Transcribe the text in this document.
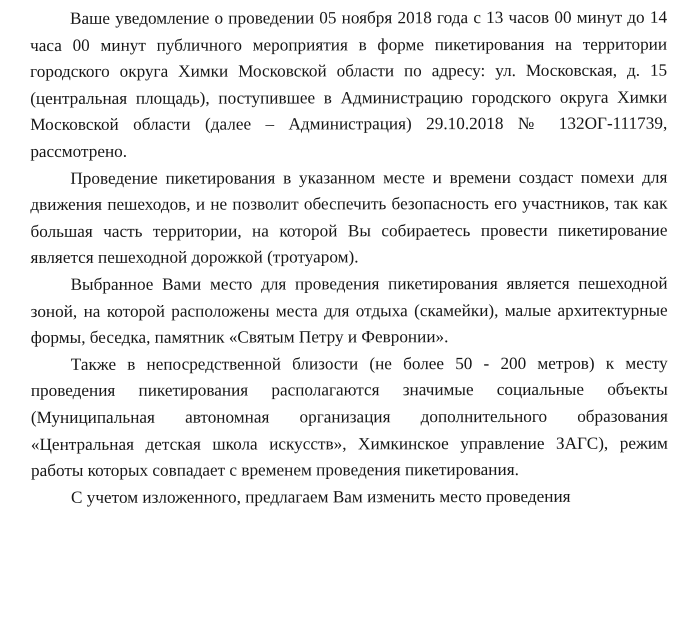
Ваше уведомление о проведении 05 ноября 2018 года с 13 часов 00 минут до 14 часа 00 минут публичного мероприятия в форме пикетирования на территории городского округа Химки Московской области по адресу: ул. Московская, д. 15 (центральная площадь), поступившее в Администрацию городского округа Химки Московской области (далее – Администрация) 29.10.2018 № 132ОГ-111739, рассмотрено.

Проведение пикетирования в указанном месте и времени создаст помехи для движения пешеходов, и не позволит обеспечить безопасность его участников, так как большая часть территории, на которой Вы собираетесь провести пикетирование является пешеходной дорожкой (тротуаром).

Выбранное Вами место для проведения пикетирования является пешеходной зоной, на которой расположены места для отдыха (скамейки), малые архитектурные формы, беседка, памятник «Святым Петру и Февронии».

Также в непосредственной близости (не более 50 - 200 метров) к месту проведения пикетирования располагаются значимые социальные объекты (Муниципальная автономная организация дополнительного образования «Центральная детская школа искусств», Химкинское управление ЗАГС), режим работы которых совпадает с временем проведения пикетирования.

С учетом изложенного, предлагаем Вам изменить место проведения
